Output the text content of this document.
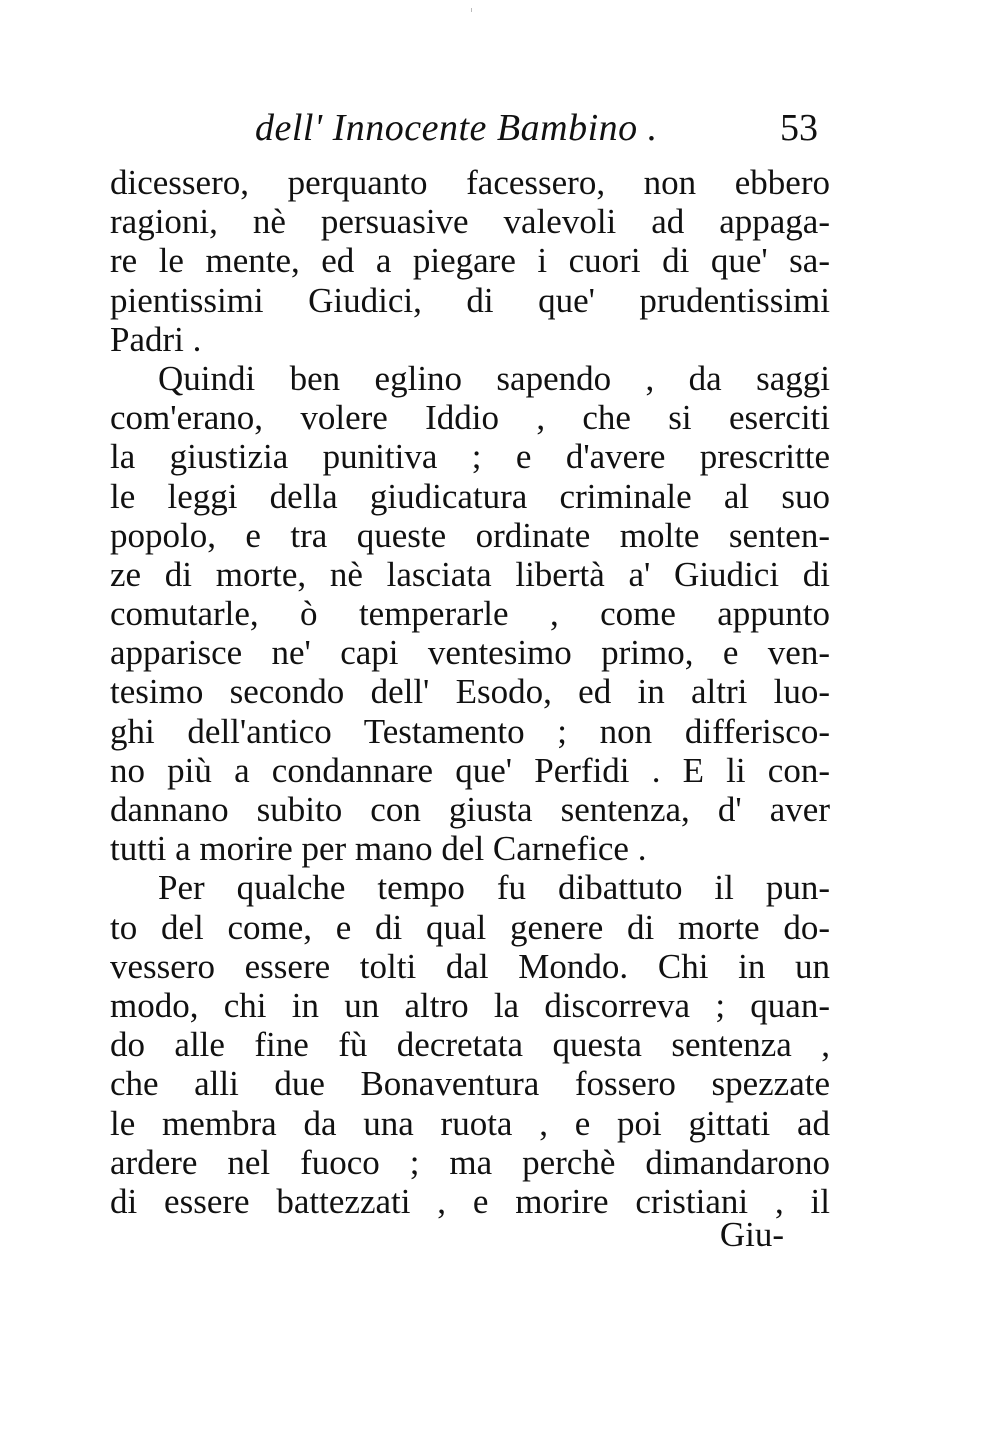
dell' Innocente Bambino .	53
dicessero, perquanto facessero, non ebbero
ragioni, nè persuasive valevoli ad appaga-
re le mente, ed a piegare i cuori di que' sa-
pientissimi Giudici, di que' prudentissimi
Padri .
Quindi ben eglino sapendo , da saggi
com'erano, volere Iddio , che si eserciti
la giustizia punitiva ; e d'avere prescritte
le leggi della giudicatura criminale al suo
popolo, e tra queste ordinate molte senten-
ze di morte, nè lasciata libertà a' Giudici di
comutarle, ò temperarle , come appunto
apparisce ne' capi ventesimo primo, e ven-
tesimo secondo dell' Esodo, ed in altri luo-
ghi dell'antico Testamento ; non differisco-
no più a condannare que' Perfidi . E li con-
dannano subito con giusta sentenza, d' aver
tutti a morire per mano del Carnefice .
Per qualche tempo fu dibattuto il pun-
to del come, e di qual genere di morte do-
vessero essere tolti dal Mondo. Chi in un
modo, chi in un altro la discorreva ; quan-
do alle fine fù decretata questa sentenza ,
che alli due Bonaventura fossero spezzate
le membra da una ruota , e poi gittati ad
ardere nel fuoco ; ma perchè dimandarono
di essere battezzati , e morire cristiani , il
Giu-
